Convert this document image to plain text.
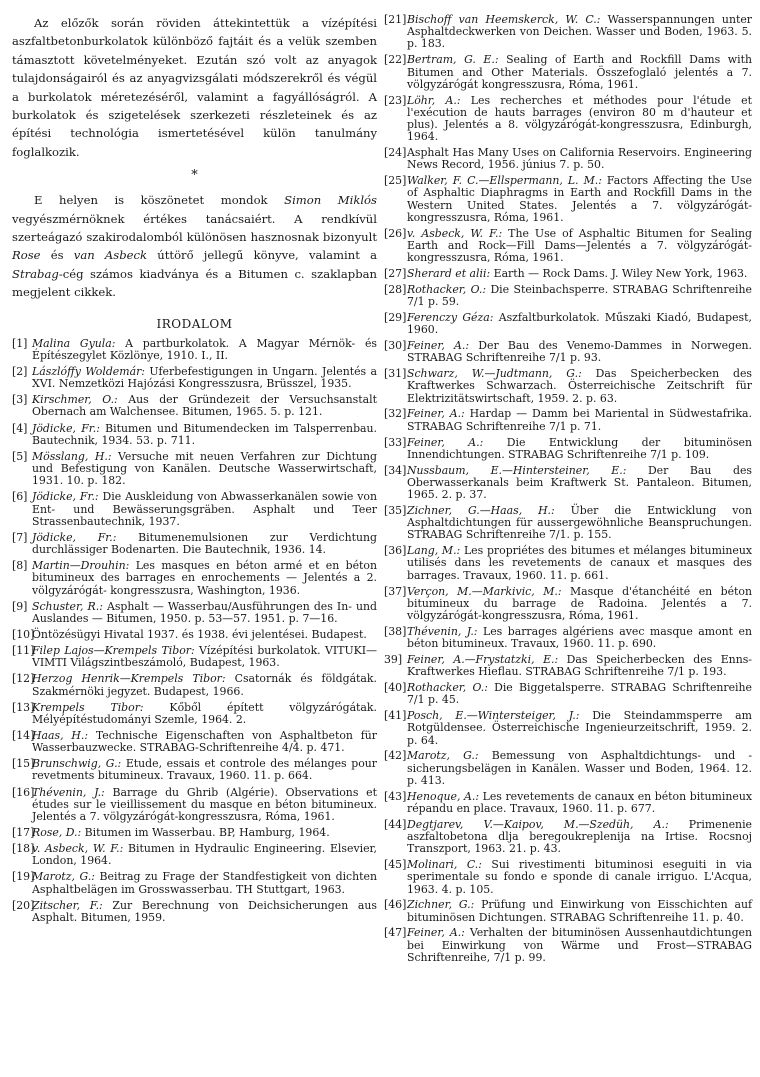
Az előzők során röviden áttekintettük a vízépítési aszfaltbetonburkolatok különböző fajtáit és a velük szemben támasztott követelményeket. Ezután szó volt az anyagok tulajdonságairól és az anyagvizsgálati módszerekről és végül a burkolatok méretezéséről, valamint a fagyállóságról. A burkolatok és szigetelések szerkezeti részleteinek és az építési technológia ismertetésével külön tanulmány foglalkozik.

*

E helyen is köszönetet mondok Simon Miklós vegyészmérnöknek értékes tanácsaiért. A rendkívül szerteágazó szakirodalomból különösen hasznosnak bizonyult Rose és van Asbeck úttörő jellegű könyve, valamint a Strabag-cég számos kiadványa és a Bitumen c. szaklapban megjelent cikkek.

IRODALOM
[1] Malina Gyula: A partburkolatok. A Magyar Mérnök- és Építészegylet Közlönye, 1910. I., II.
[2] Lászlóffy Woldemár: Uferbefestigungen in Ungarn. Jelentés a XVI. Nemzetközi Hajózási Kongresszusra, Brüsszel, 1935.
[3] Kirschmer, O.: Aus der Gründezeit der Versuchsanstalt Obernach am Walchensee. Bitumen, 1965. 5. p. 121.
[4] Jödicke, Fr.: Bitumen und Bitumendecken im Talsperrenbau. Bautechnik, 1934. 53. p. 711.
[5] Mösslang, H.: Versuche mit neuen Verfahren zur Dichtung und Befestigung von Kanälen. Deutsche Wasserwirtschaft, 1931. 10. p. 182.
[6] Jödicke, Fr.: Die Auskleidung von Abwasserkanälen sowie von Ent- und Bewässerungsgräben. Asphalt und Teer Strassenbautechnik, 1937.
[7] Jödicke, Fr.: Bitumenemulsionen zur Verdichtung durchlässiger Bodenarten. Die Bautechnik, 1936. 14.
[8] Martin—Drouhin: Les masques en béton armé et en béton bitumineux des barrages en enrochements — Jelentés a 2. völgyzárógát- kongresszusra, Washington, 1936.
[9] Schuster, R.: Asphalt — Wasserbau/Ausführungen des In- und Auslandes — Bitumen, 1950. p. 53—57. 1951. p. 7—16.
[10]
Öntözésügyi Hivatal 1937. és 1938. évi jelentései. Budapest.
[11]
Filep Lajos—Krempels Tibor: Vízépítési burkolatok. VITUKI—VIMTI Világszintbeszámoló, Budapest, 1963.
[12]
Herzog Henrik—Krempels Tibor: Csatornák és földgátak. Szakmérnöki jegyzet. Budapest, 1966.
[13]
Krempels Tibor: Kőből épített völgyzárógátak. Mélyépítéstudományi Szemle, 1964. 2.
[14]
Haas, H.: Technische Eigenschaften von Asphaltbeton für Wasserbauzwecke. STRABAG-Schriftenreihe 4/4. p. 471.
[15]
Brunschwig, G.: Etude, essais et controle des mélanges pour revetments bitumineux. Travaux, 1960. 11. p. 664.
[16]
Thévenin, J.: Barrage du Ghrib (Algérie). Observations et études sur le vieillissement du masque en béton bitumineux. Jelentés a 7. völgyzárógát-kongresszusra, Róma, 1961.
[17]
Rose, D.: Bitumen im Wasserbau. BP, Hamburg, 1964.
[18]
v. Asbeck, W. F.: Bitumen in Hydraulic Engineering. Elsevier, London, 1964.
[19]
Marotz, G.: Beitrag zu Frage der Standfestigkeit von dichten Asphaltbelägen im Grosswasserbau. TH Stuttgart, 1963.
[20]
Zitscher, F.: Zur Berechnung von Deichsicherungen aus Asphalt. Bitumen, 1959.
[21] Bischoff van Heemskerck, W. C.: Wasserspannungen unter Asphaltdeckwerken von Deichen. Wasser und Boden, 1963. 5. p. 183.
[22] Bertram, G. E.: Sealing of Earth and Rockfill Dams with Bitumen and Other Materials. Összefoglaló jelentés a 7. völgyzárógát kongresszusra, Róma, 1961.
[23] Löhr, A.: Les recherches et méthodes pour l'étude et l'exécution de hauts barrages (environ 80 m d'hauteur et plus). Jelentés a 8. völgyzárógát-kongresszusra, Edinburgh, 1964.
[24] Asphalt Has Many Uses on California Reservoirs. Engineering News Record, 1956. június 7. p. 50.
[25] Walker, F. C.—Ellspermann, L. M.: Factors Affecting the Use of Asphaltic Diaphragms in Earth and Rockfill Dams in the Western United States. Jelentés a 7. völgyzárógát-kongresszusra, Róma, 1961.
[26] v. Asbeck, W. F.: The Use of Asphaltic Bitumen for Sealing Earth and Rock—Fill Dams—Jelentés a 7. völgyzárógát-kongresszusra, Róma, 1961.
[27] Sherard et alii: Earth — Rock Dams. J. Wiley New York, 1963.
[28] Rothacker, O.: Die Steinbachsperre. STRABAG Schriftenreihe 7/1 p. 59.
[29] Ferenczy Géza: Aszfaltburkolatok. Műszaki Kiadó, Budapest, 1960.
[30] Feiner, A.: Der Bau des Venemo-Dammes in Norwegen. STRABAG Schriftenreihe 7/1 p. 93.
[31] Schwarz, W.—Judtmann, G.: Das Speicherbecken des Kraftwerkes Schwarzach. Österreichische Zeitschrift für Elektrizitätswirtschaft, 1959. 2. p. 63.
[32] Feiner, A.: Hardap — Damm bei Mariental in Südwestafrika. STRABAG Schriftenreihe 7/1 p. 71.
[33] Feiner, A.: Die Entwicklung der bituminösen Innendichtungen. STRABAG Schriftenreihe 7/1 p. 109.
[34] Nussbaum, E.—Hintersteiner, E.: Der Bau des Oberwasserkanals beim Kraftwerk St. Pantaleon. Bitumen, 1965. 2. p. 37.
[35] Zichner, G.—Haas, H.: Über die Entwicklung von Asphaltdichtungen für aussergewöhnliche Beanspruchungen. STRABAG Schriftenreihe 7/1. p. 155.
[36] Lang, M.: Les propriétes des bitumes et mélanges bitumineux utilisés dans les revetements de canaux et masques des barrages. Travaux, 1960. 11. p. 661.
[37] Verçon, M.—Markivic, M.: Masque d'étanchéité en béton bitumineux du barrage de Radoina. Jelentés a 7. völgyzárógát-kongresszusra, Róma, 1961.
[38] Thévenin, J.: Les barrages algériens avec masque amont en béton bitumineux. Travaux, 1960. 11. p. 690.
39] Feiner, A.—Frystatzki, E.: Das Speicherbecken des Enns-Kraftwerkes Hieflau. STRABAG Schriftenreihe 7/1 p. 193.
[40] Rothacker, O.: Die Biggetalsperre. STRABAG Schriftenreihe 7/1 p. 45.
[41] Posch, E.—Wintersteiger, J.: Die Steindammsperre am Rotgüldensee. Österreichische Ingenieurzeitschrift, 1959. 2. p. 64.
[42] Marotz, G.: Bemessung von Asphaltdichtungs- und -sicherungsbelägen in Kanälen. Wasser und Boden, 1964. 12. p. 413.
[43] Henoque, A.: Les revetements de canaux en béton bitumineux répandu en place. Travaux, 1960. 11. p. 677.
[44] Degtjarev, V.—Kaipov, M.—Szedüh, A.: Primenenie aszfaltobetona dlja beregoukreplenija na Irtise. Rocsnoj Transzport, 1963. 21. p. 43.
[45] Molinari, C.: Sui rivestimenti bituminosi eseguiti in via sperimentale su fondo e sponde di canale irriguo. L'Acqua, 1963. 4. p. 105.
[46] Zichner, G.: Prüfung und Einwirkung von Eisschichten auf bituminösen Dichtungen. STRABAG Schriftenreihe 11. p. 40.
[47] Feiner, A.: Verhalten der bituminösen Aussenhautdichtungen bei Einwirkung von Wärme und Frost—STRABAG Schriftenreihe, 7/1 p. 99.
